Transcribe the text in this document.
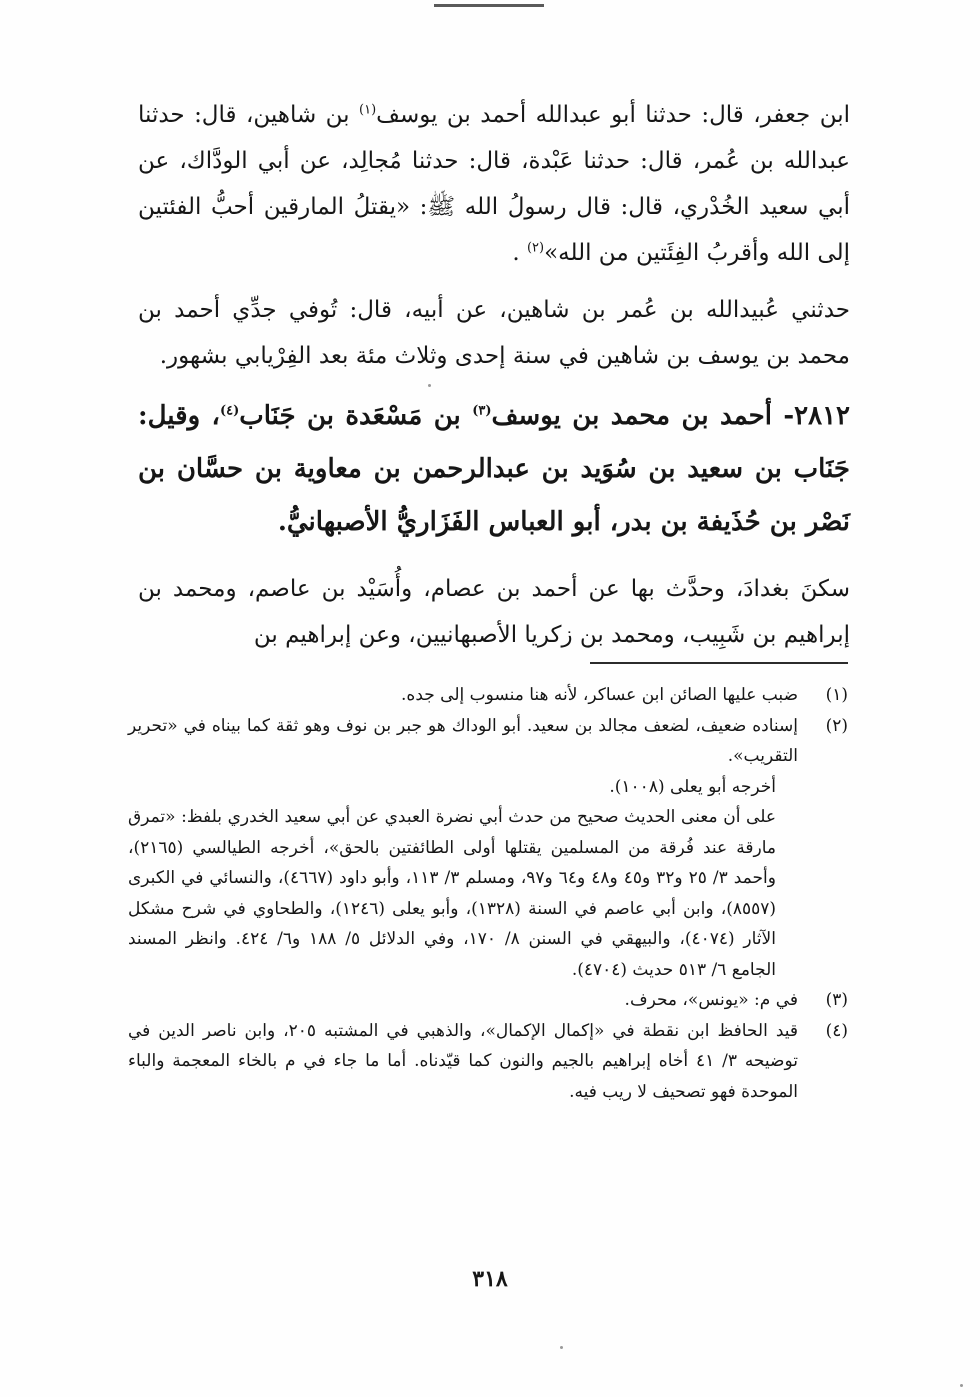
ابن جعفر، قال: حدثنا أبو عبدالله أحمد بن يوسف$^{(١)}$ بن شاهين، قال: حدثنا عبدالله بن عُمر، قال: حدثنا عَبْدة، قال: حدثنا مُجالِد، عن أبي الودَّاك، عن أبي سعيد الخُدْري، قال: قال رسولُ الله ﷺ: «يقتلُ المارقين أحبُّ الفئتين إلى الله وأقربُ الفِئَتين من الله»$^{(٢)}$ .

حدثني عُبيدالله بن عُمر بن شاهين، عن أبيه، قال: تُوفي جدِّي أحمد بن محمد بن يوسف بن شاهين في سنة إحدى وثلاث مئة بعد الفِرْيابي بشهور.

٢٨١٢- أحمد بن محمد بن يوسف$^{(٣)}$ بن مَسْعَدة بن جَنَاب$^{(٤)}$، وقيل: جَنَاب بن سعيد بن سُوَيد بن عبدالرحمن بن معاوية بن حسَّان بن نَصْر بن حُذَيفة بن بدر، أبو العباس الفَزَاريُّ الأصبهانيُّ.

سكنَ بغدادَ، وحدَّث بها عن أحمد بن عصام، وأُسَيْد بن عاصم، ومحمد بن إبراهيم بن شَبِيب، ومحمد بن زكريا الأصبهانيين، وعن إبراهيم بن

(١)
ضبب عليها الصائن ابن عساكر، لأنه هنا منسوب إلى جده.
(٢)
إسناده ضعيف، لضعف مجالد بن سعيد. أبو الوداك هو جبر بن نوف وهو ثقة كما بيناه في «تحرير التقريب».
أخرجه أبو يعلى (١٠٠٨).
على أن معنى الحديث صحيح من حدث أبي نضرة العبدي عن أبي سعيد الخدري بلفظ: «تمرق مارقة عند فُرقة من المسلمين يقتلها أولى الطائفتين بالحق»، أخرجه الطيالسي (٢١٦٥)، وأحمد ٣/ ٢٥ و٣٢ و٤٥ و٤٨ و٦٤ و٩٧، ومسلم ٣/ ١١٣، وأبو داود (٤٦٦٧)، والنسائي في الكبرى (٨٥٥٧)، وابن أبي عاصم في السنة (١٣٢٨)، وأبو يعلى (١٢٤٦)، والطحاوي في شرح مشكل الآثار (٤٠٧٤)، والبيهقي في السنن ٨/ ١٧٠، وفي الدلائل ٥/ ١٨٨ و٦/ ٤٢٤. وانظر المسند الجامع ٦/ ٥١٣ حديث (٤٧٠٤).
(٣)
في م: «يونس»، محرف.
(٤)
قيد الحافظ ابن نقطة في «إكمال الإكمال»، والذهبي في المشتبه ٢٠٥، وابن ناصر الدين في توضيحه ٣/ ٤١ أخاه إبراهيم بالجيم والنون كما قيّدناه. أما ما جاء في م بالخاء المعجمة والباء الموحدة فهو تصحيف لا ريب فيه.
٣١٨
